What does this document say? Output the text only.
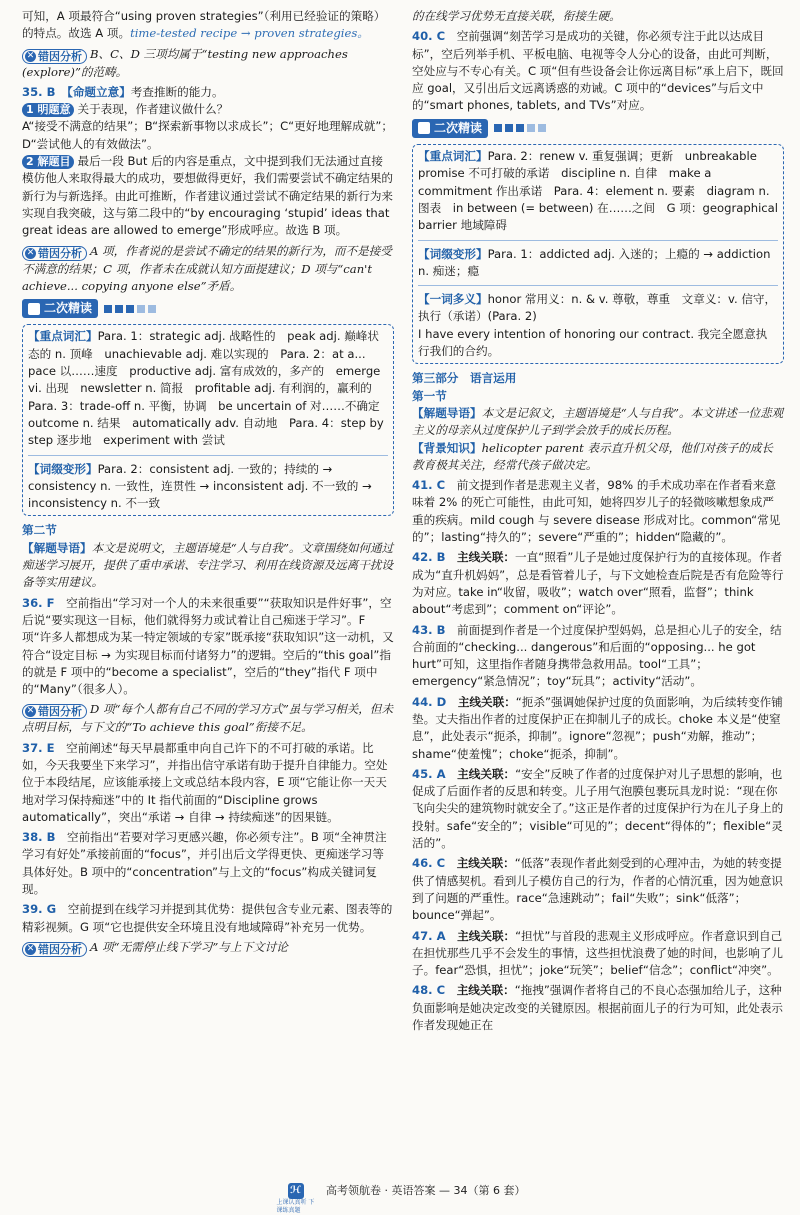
可知，A 项最符合“using proven strategies”（利用已经验证的策略）的特点。故选 A 项。time-tested recipe → proven strategies。

✕ 错因分析 B、C、D 三项均属于“testing new approaches (explore)”的范畴。

35. B　 【命题立意】考查推断的能力。

1 明题意 关于表现，作者建议做什么？

A“接受不满意的结果”；B“探索新事物以求成长”；C“更好地理解成就”；D“尝试他人的有效做法”。

2 解题目 最后一段 But 后的内容是重点，文中提到我们无法通过直接模仿他人来取得最大的成功，要想做得更好，我们需要尝试不确定结果的新行为与新选择。由此可推断，作者建议通过尝试不确定结果的新行为来实现自我突破，这与第二段中的“by encouraging ‘stupid’ ideas that great ideas are allowed to emerge”形成呼应。故选 B 项。

✕ 错因分析 A 项，作者说的是尝试不确定的结果的新行为，而不是接受不满意的结果；C 项，作者未在成就认知方面提建议；D 项与“can't achieve... copying anyone else”矛盾。

二次精读

【重点词汇】Para. 1：strategic adj. 战略性的　peak adj. 巅峰状态的 n. 顶峰　unachievable adj. 难以实现的　Para. 2：at a... pace 以……速度　productive adj. 富有成效的，多产的　emerge vi. 出现　newsletter n. 简报　profitable adj. 有利润的，赢利的　Para. 3：trade-off n. 平衡，协调　be uncertain of 对……不确定　outcome n. 结果　automatically adv. 自动地　Para. 4：step by step 逐步地　experiment with 尝试

【词缀变形】Para. 2：consistent adj. 一致的；持续的 → consistency n. 一致性，连贯性 → inconsistent adj. 不一致的 → inconsistency n. 不一致

第二节

【解题导语】本文是说明文，主题语境是“人与自我”。文章围绕如何通过痴迷学习展开，提供了重申承诺、专注学习、利用在线资源及远离干扰设备等实用建议。

36. F　 空前指出“学习对一个人的未来很重要”“获取知识是件好事”，空后说“要实现这一目标，他们就得努力或试着让自己痴迷于学习”。F 项“许多人都想成为某一特定领域的专家”既承接“获取知识”这一动机，又符合“设定目标 → 为实现目标而付诸努力”的逻辑。空后的“this goal”指的就是 F 项中的“become a specialist”，空后的“they”指代 F 项中的“Many”（很多人）。

✕ 错因分析 D 项“每个人都有自己不同的学习方式”虽与学习相关，但未点明目标，与下文的“To achieve this goal”衔接不足。

37. E　 空前阐述“每天早晨都重申向自己许下的不可打破的承诺。比如，今天我要坐下来学习”，并指出信守承诺有助于提升自律能力。空处位于本段结尾，应该能承接上文或总结本段内容，E 项“它能让你一天天地对学习保持痴迷”中的 It 指代前面的“Discipline grows automatically”，突出“承诺 → 自律 → 持续痴迷”的因果链。

38. B　 空前指出“若要对学习更感兴趣，你必须专注”。B 项“全神贯注学习有好处”承接前面的“focus”，并引出后文学得更快、更痴迷学习等具体好处。B 项中的“concentration”与上文的“focus”构成关键词复现。

39. G　 空前提到在线学习并提到其优势：提供包含专业元素、图表等的精彩视频。G 项“它也提供安全环境且没有地域障碍”补充另一优势。

✕ 错因分析 A 项“无需停止线下学习”与上下文讨论

的在线学习优势无直接关联，衔接生硬。

40. C　 空前强调“刻苦学习是成功的关键，你必须专注于此以达成目标”，空后列举手机、平板电脑、电视等令人分心的设备，由此可判断，空处应与不专心有关。C 项“但有些设备会让你远离目标”承上启下，既回应 goal，又引出后文远离诱惑的劝诫。C 项中的“devices”与后文中的“smart phones, tablets, and TVs”对应。

二次精读

【重点词汇】Para. 2：renew v. 重复强调；更新　unbreakable promise 不可打破的承诺　discipline n. 自律　make a commitment 作出承诺　Para. 4：element n. 要素　diagram n. 图表　in between (= between) 在……之间　G 项：geographical barrier 地域障碍

【词缀变形】Para. 1：addicted adj. 入迷的；上瘾的 → addiction n. 痴迷；瘾

【一词多义】honor 常用义：n. & v. 尊敬，尊重　文章义：v. 信守，执行（承诺）(Para. 2)

I have every intention of honoring our contract. 我完全愿意执行我们的合约。

第三部分　语言运用

第一节

【解题导语】本文是记叙文，主题语境是“人与自我”。本文讲述一位悲观主义的母亲从过度保护儿子到学会放手的成长历程。

【背景知识】helicopter parent 表示直升机父母，他们对孩子的成长教育极其关注，经常代孩子做决定。

41. C　 前文提到作者是悲观主义者，98% 的手术成功率在作者看来意味着 2% 的死亡可能性，由此可知，她将四岁儿子的轻微咳嗽想象成严重的疾病。mild cough 与 severe disease 形成对比。common“常见的”；lasting“持久的”；severe“严重的”；hidden“隐藏的”。

42. B　 主线关联：一直“照看”儿子是她过度保护行为的直接体现。作者成为“直升机妈妈”，总是看管着儿子，与下文她检查后院是否有危险等行为对应。take in“收留，吸收”；watch over“照看，监督”；think about“考虑到”；comment on“评论”。

43. B　 前面提到作者是一个过度保护型妈妈，总是担心儿子的安全，结合前面的“checking... dangerous”和后面的“opposing... he got hurt”可知，这里指作者随身携带急救用品。tool“工具”；emergency“紧急情况”；toy“玩具”；activity“活动”。

44. D　 主线关联：“扼杀”强调她保护过度的负面影响，为后续转变作铺垫。丈夫指出作者的过度保护正在抑制儿子的成长。choke 本义是“使窒息”，此处表示“扼杀，抑制”。ignore“忽视”；push“劝解，推动”；shame“使羞愧”；choke“扼杀，抑制”。

45. A　 主线关联：“安全”反映了作者的过度保护对儿子思想的影响，也促成了后面作者的反思和转变。儿子用气泡膜包裹玩具龙时说：“现在你飞向尖尖的建筑物时就安全了。”这正是作者的过度保护行为在儿子身上的投射。safe“安全的”；visible“可见的”；decent“得体的”；flexible“灵活的”。

46. C　 主线关联：“低落”表现作者此刻受到的心理冲击，为她的转变提供了情感契机。看到儿子模仿自己的行为，作者的心情沉重，因为她意识到了问题的严重性。race“急速跳动”；fail“失败”；sink“低落”；bounce“弹起”。

47. A　 主线关联：“担忧”与首段的悲观主义形成呼应。作者意识到自己在担忧那些几乎不会发生的事情，这些担忧浪费了她的时间，也影响了儿子。fear“恐惧，担忧”；joke“玩笑”；belief“信念”；conflict“冲突”。

48. C　 主线关联：“拖拽”强调作者将自己的不良心态强加给儿子，这种负面影响是她决定改变的关键原因。根据前面儿子的行为可知，此处表示作者发现她正在

ℋ上课认真听 下课练真题 高考领航卷 · 英语答案 — 34（第 6 套）
